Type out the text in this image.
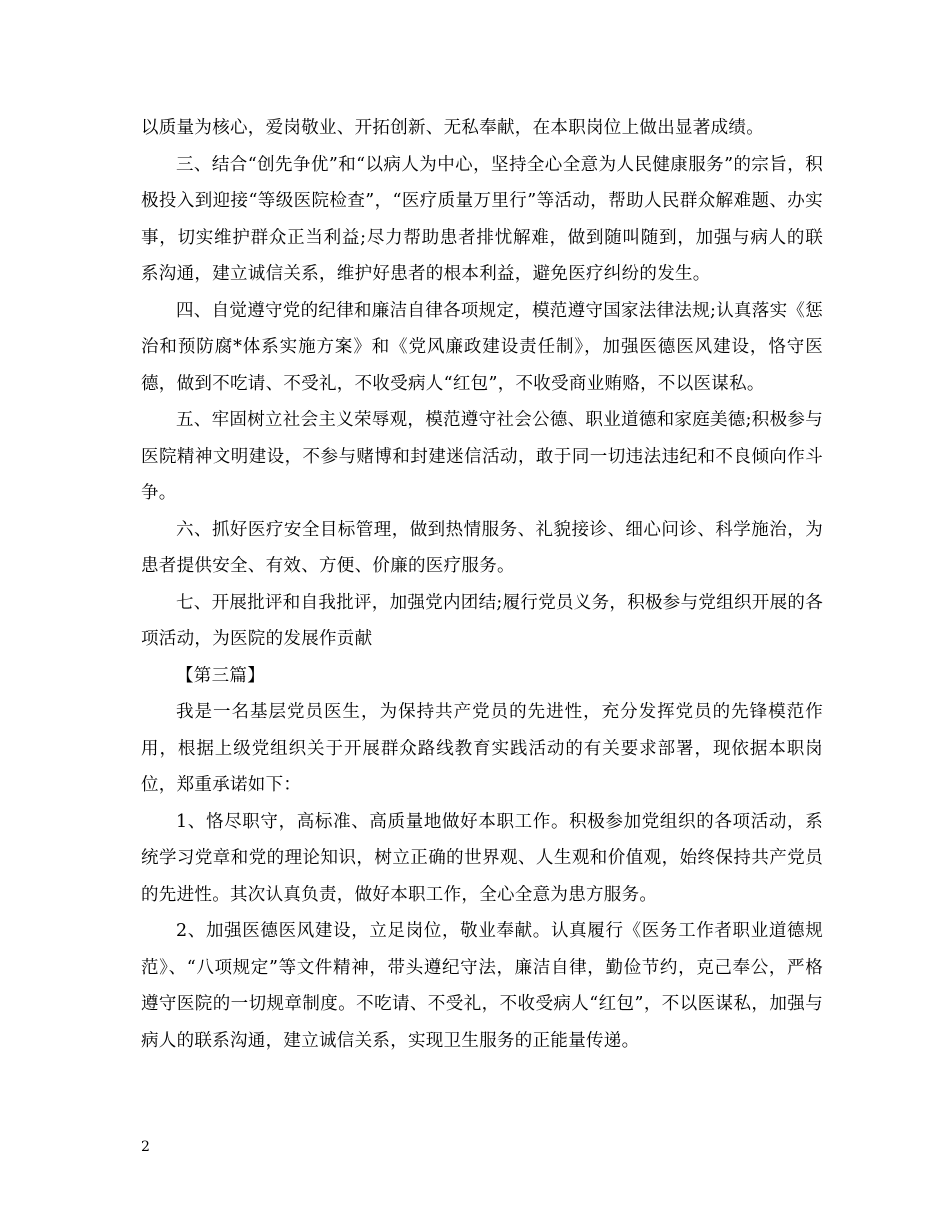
以质量为核心，爱岗敬业、开拓创新、无私奉献，在本职岗位上做出显著成绩。

三、结合“创先争优”和“以病人为中心，坚持全心全意为人民健康服务”的宗旨，积极投入到迎接“等级医院检查”，“医疗质量万里行”等活动，帮助人民群众解难题、办实事，切实维护群众正当利益;尽力帮助患者排忧解难，做到随叫随到，加强与病人的联系沟通，建立诚信关系，维护好患者的根本利益，避免医疗纠纷的发生。

四、自觉遵守党的纪律和廉洁自律各项规定，模范遵守国家法律法规;认真落实《惩治和预防腐*体系实施方案》和《党风廉政建设责任制》，加强医德医风建设，恪守医德，做到不吃请、不受礼，不收受病人“红包”，不收受商业贿赂，不以医谋私。

五、牢固树立社会主义荣辱观，模范遵守社会公德、职业道德和家庭美德;积极参与医院精神文明建设，不参与赌博和封建迷信活动，敢于同一切违法违纪和不良倾向作斗争。

六、抓好医疗安全目标管理，做到热情服务、礼貌接诊、细心问诊、科学施治，为患者提供安全、有效、方便、价廉的医疗服务。

七、开展批评和自我批评，加强党内团结;履行党员义务，积极参与党组织开展的各项活动，为医院的发展作贡献

【第三篇】

我是一名基层党员医生，为保持共产党员的先进性，充分发挥党员的先锋模范作用，根据上级党组织关于开展群众路线教育实践活动的有关要求部署，现依据本职岗位，郑重承诺如下：

1、恪尽职守，高标准、高质量地做好本职工作。积极参加党组织的各项活动，系统学习党章和党的理论知识，树立正确的世界观、人生观和价值观，始终保持共产党员的先进性。其次认真负责，做好本职工作，全心全意为患方服务。

2、加强医德医风建设，立足岗位，敬业奉献。认真履行《医务工作者职业道德规范》、“八项规定”等文件精神，带头遵纪守法，廉洁自律，勤俭节约，克己奉公，严格遵守医院的一切规章制度。不吃请、不受礼，不收受病人“红包”，不以医谋私，加强与病人的联系沟通，建立诚信关系，实现卫生服务的正能量传递。

2
